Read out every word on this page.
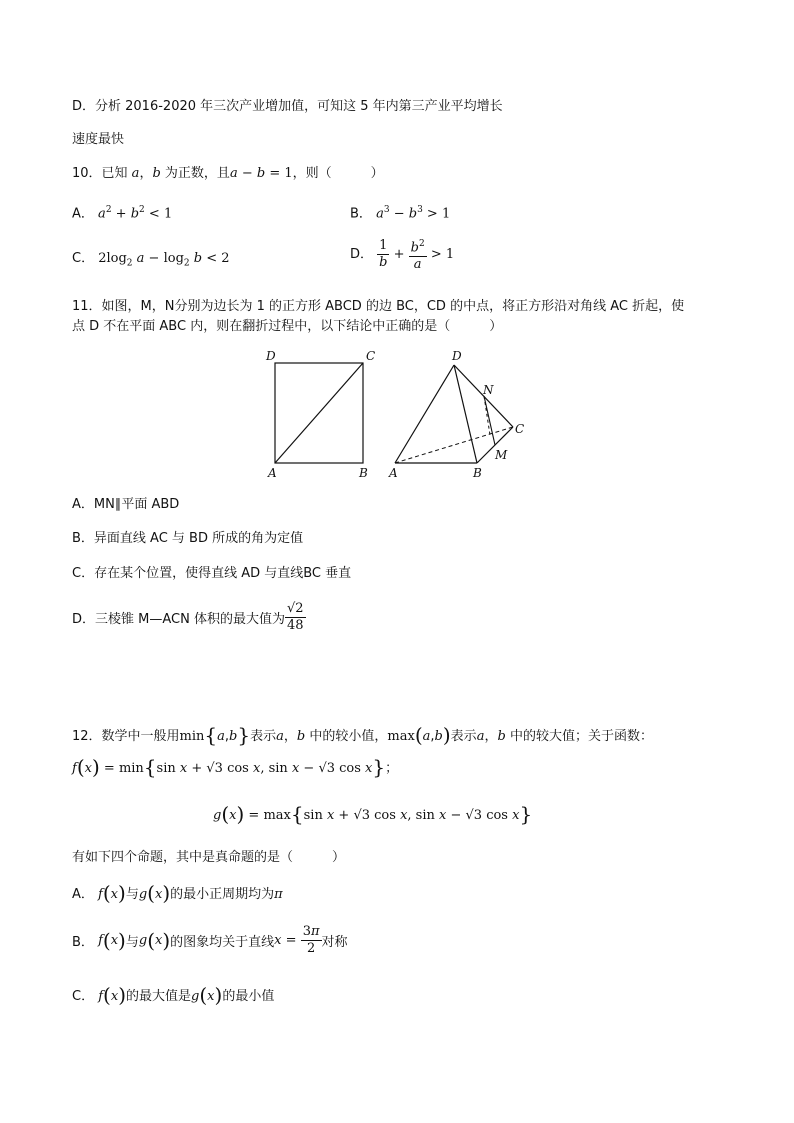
D．分析 2016-2020 年三次产业增加值，可知这 5 年内第三产业平均增长
速度最快
10．已知 a，b 为正数，且a − b = 1，则（　　　）
A． $a^2 + b^2 < 1$	B． $a^3 - b^3 > 1$
C． $2\log_2$ $a - \log_2 b < 2$	D． $\frac{1}{b} + \frac{b^2}{a} > 1$
11．如图，M，N分别为边长为 1 的正方形 ABCD 的边 BC，CD 的中点，将正方形沿对角线 AC 折起，使
点 D 不在平面 ABC 内，则在翻折过程中，以下结论中正确的是（　　　）
D	C
A	B
D
N
C
M
A	B
A．MN∥平面 ABD
B．异面直线 AC 与 BD 所成的角为定值
C．存在某个位置，使得直线 AD 与直线BC 垂直
D．三棱锥 M—ACN 体积的最大值为 $\frac{√2}{48}$
12．数学中一般用min{a,b}表示a，b 中的较小值，max(a,b)表示a，b 中的较大值；关于函数：
f(x) = min{sin x + √3 cos x, sin x − √3 cos x}；
g(x) = max{sin x + √3 cos x, sin x − √3 cos x}
有如下四个命题，其中是真命题的是（　　　）
A． f(x)与g(x)的最小正周期均为π
B． f(x)与g(x)的图象均关于直线$x = \frac{3\pi}{2}$ 对称
C． f(x)的最大值是g(x)的最小值
